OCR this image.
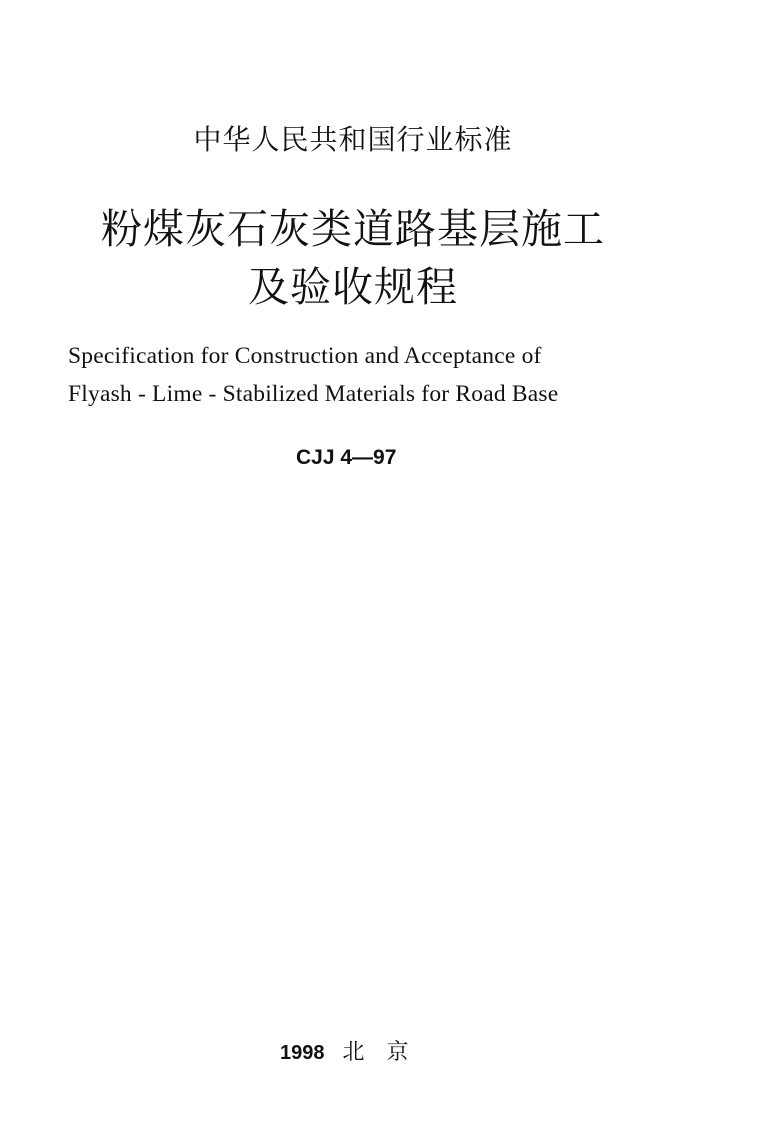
中华人民共和国行业标准
粉煤灰石灰类道路基层施工
及验收规程
Specification for Construction and Acceptance of
Flyash - Lime - Stabilized Materials for Road Base
CJJ 4—97
1998 北　京
